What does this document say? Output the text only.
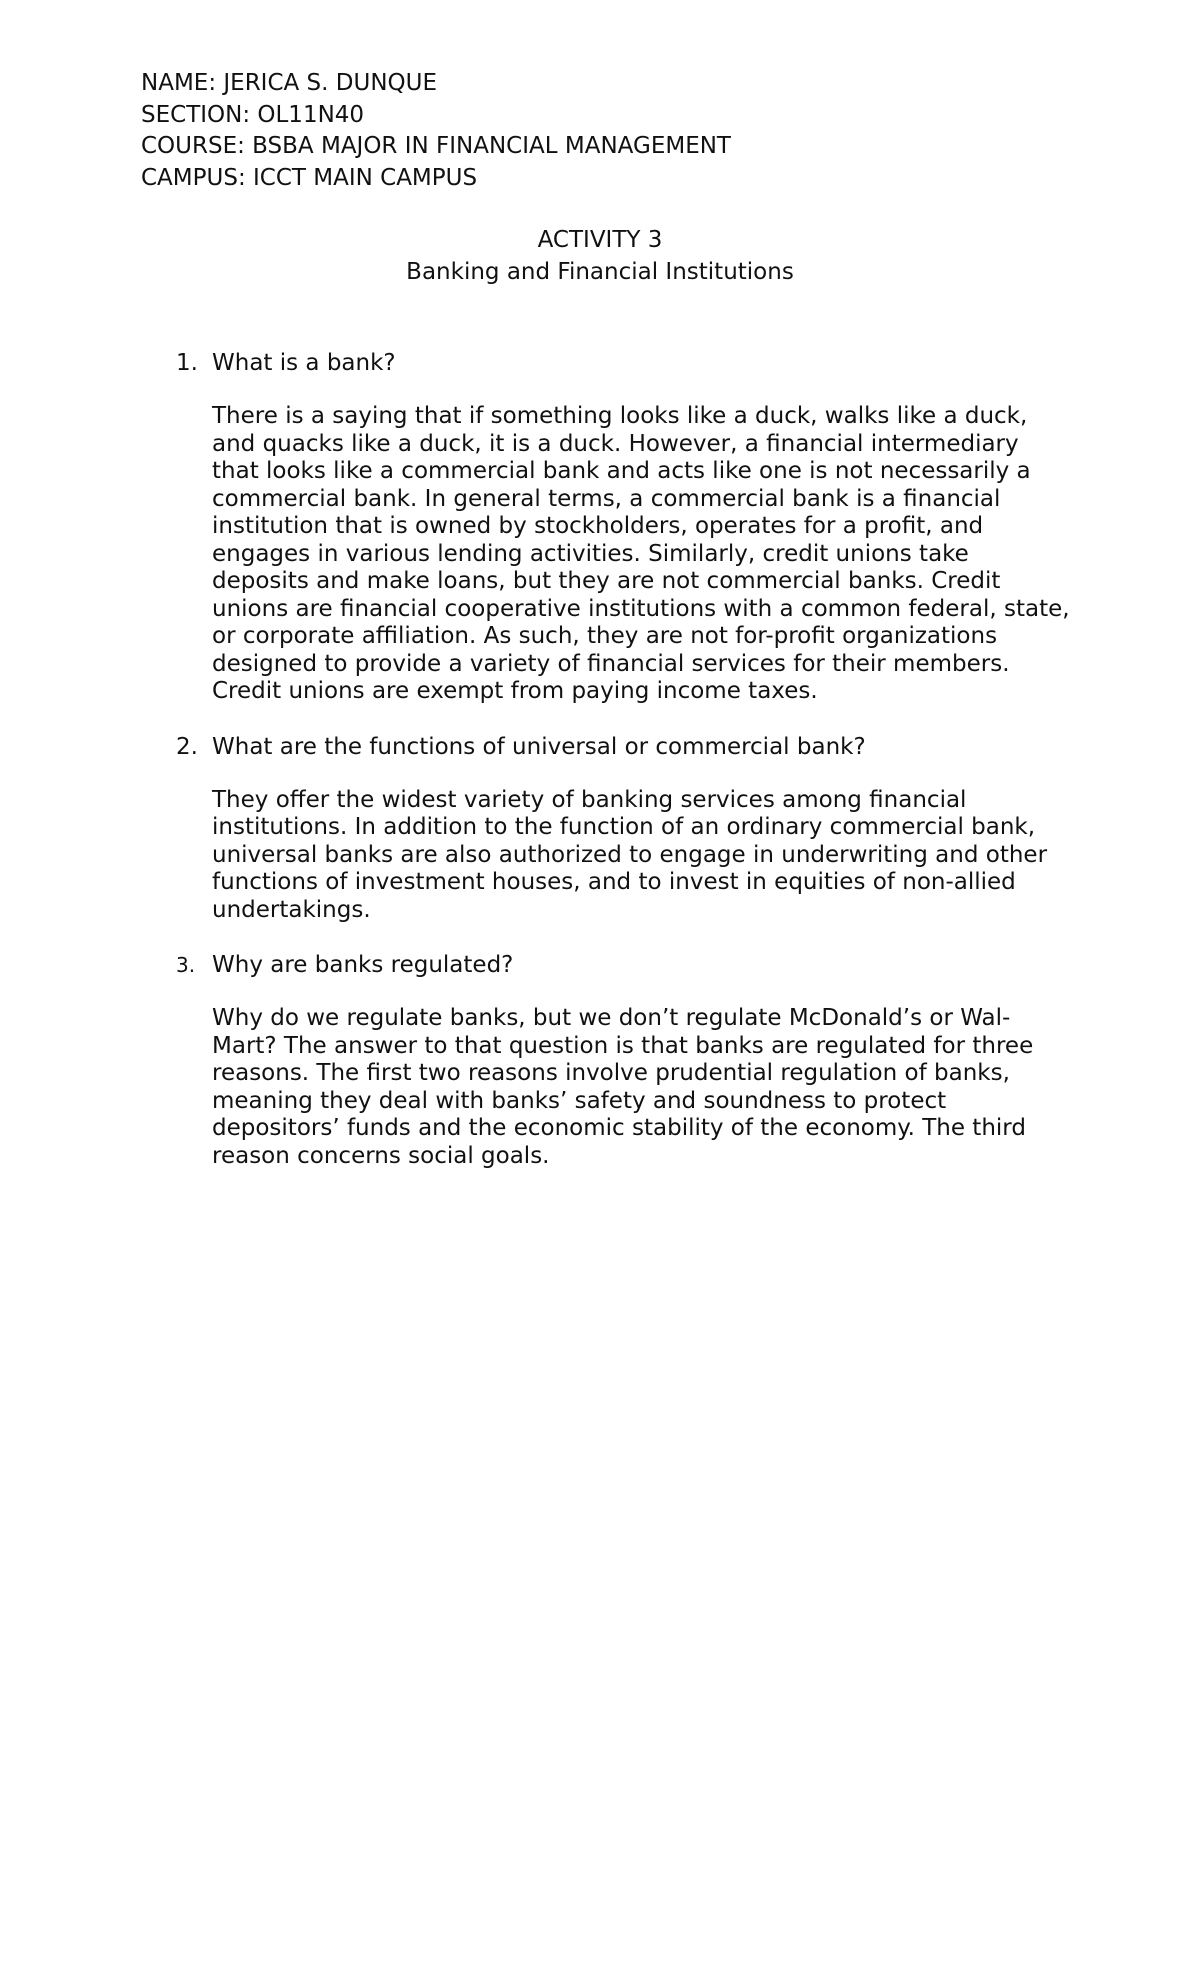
NAME: JERICA S. DUNQUE
SECTION: OL11N40
COURSE: BSBA MAJOR IN FINANCIAL MANAGEMENT
CAMPUS: ICCT MAIN CAMPUS
ACTIVITY 3
Banking and Financial Institutions
1. What is a bank?
There is a saying that if something looks like a duck, walks like a duck, and quacks like a duck, it is a duck. However, a financial intermediary that looks like a commercial bank and acts like one is not necessarily a commercial bank. In general terms, a commercial bank is a financial institution that is owned by stockholders, operates for a profit, and engages in various lending activities. Similarly, credit unions take deposits and make loans, but they are not commercial banks. Credit unions are financial cooperative institutions with a common federal, state, or corporate affiliation. As such, they are not for-profit organizations designed to provide a variety of financial services for their members. Credit unions are exempt from paying income taxes.
2. What are the functions of universal or commercial bank?
They offer the widest variety of banking services among financial institutions. In addition to the function of an ordinary commercial bank, universal banks are also authorized to engage in underwriting and other functions of investment houses, and to invest in equities of non-allied undertakings.
3. Why are banks regulated?
Why do we regulate banks, but we don’t regulate McDonald’s or Wal-Mart? The answer to that question is that banks are regulated for three reasons. The first two reasons involve prudential regulation of banks, meaning they deal with banks’ safety and soundness to protect depositors’ funds and the economic stability of the economy. The third reason concerns social goals.
